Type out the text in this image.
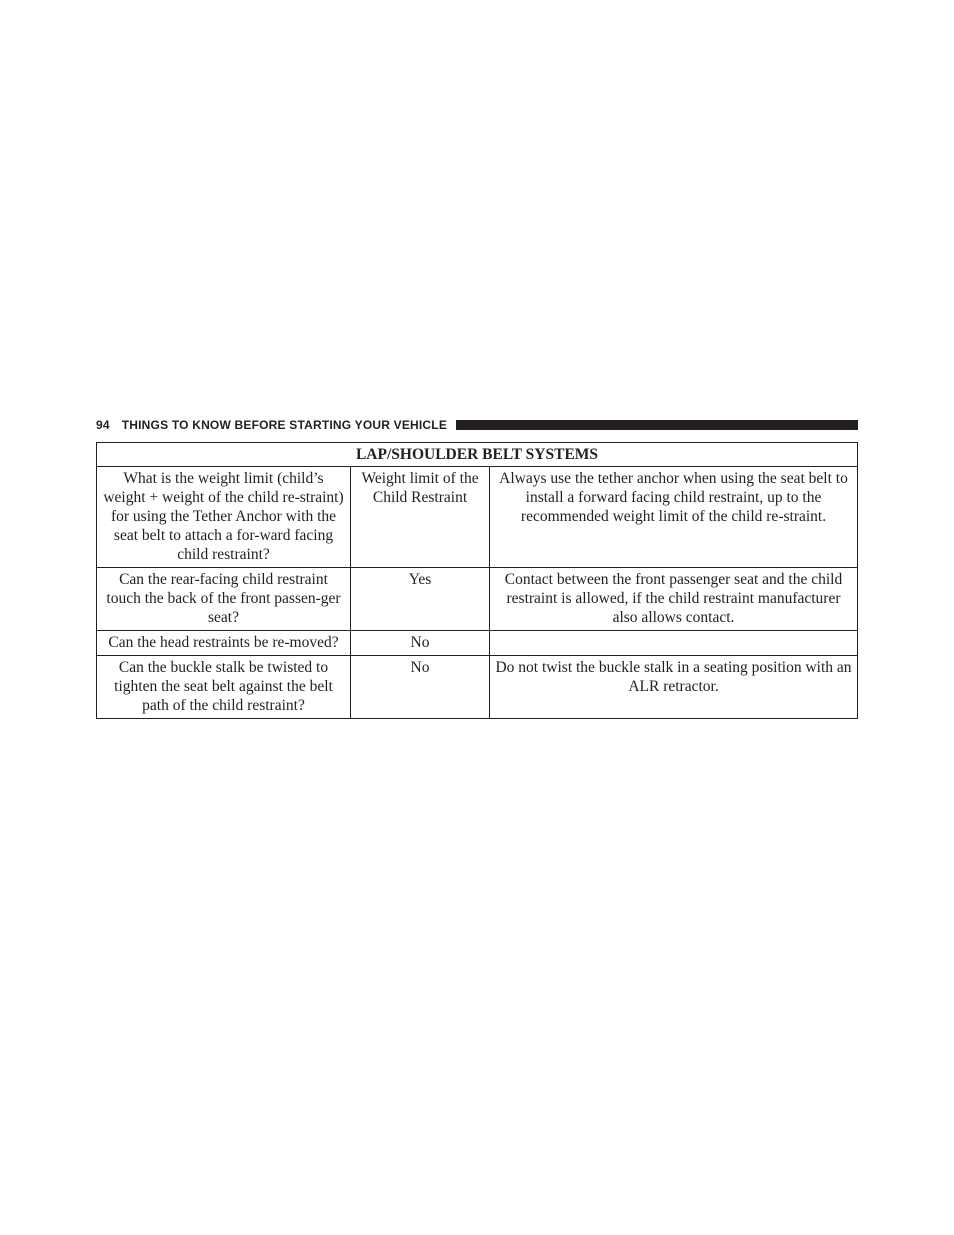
94 THINGS TO KNOW BEFORE STARTING YOUR VEHICLE
LAP/SHOULDER BELT SYSTEMS		
What is the weight limit (child’s weight + weight of the child re-straint) for using the Tether Anchor with the seat belt to attach a for-ward facing child restraint?	Weight limit of the Child Restraint	Always use the tether anchor when using the seat belt to install a forward facing child restraint, up to the recommended weight limit of the child re-straint.
Can the rear-facing child restraint touch the back of the front passen-ger seat?	Yes	Contact between the front passenger seat and the child restraint is allowed, if the child restraint manufacturer also allows contact.
Can the head restraints be re-moved?	No	
Can the buckle stalk be twisted to tighten the seat belt against the belt path of the child restraint?	No	Do not twist the buckle stalk in a seating position with an ALR retractor.
